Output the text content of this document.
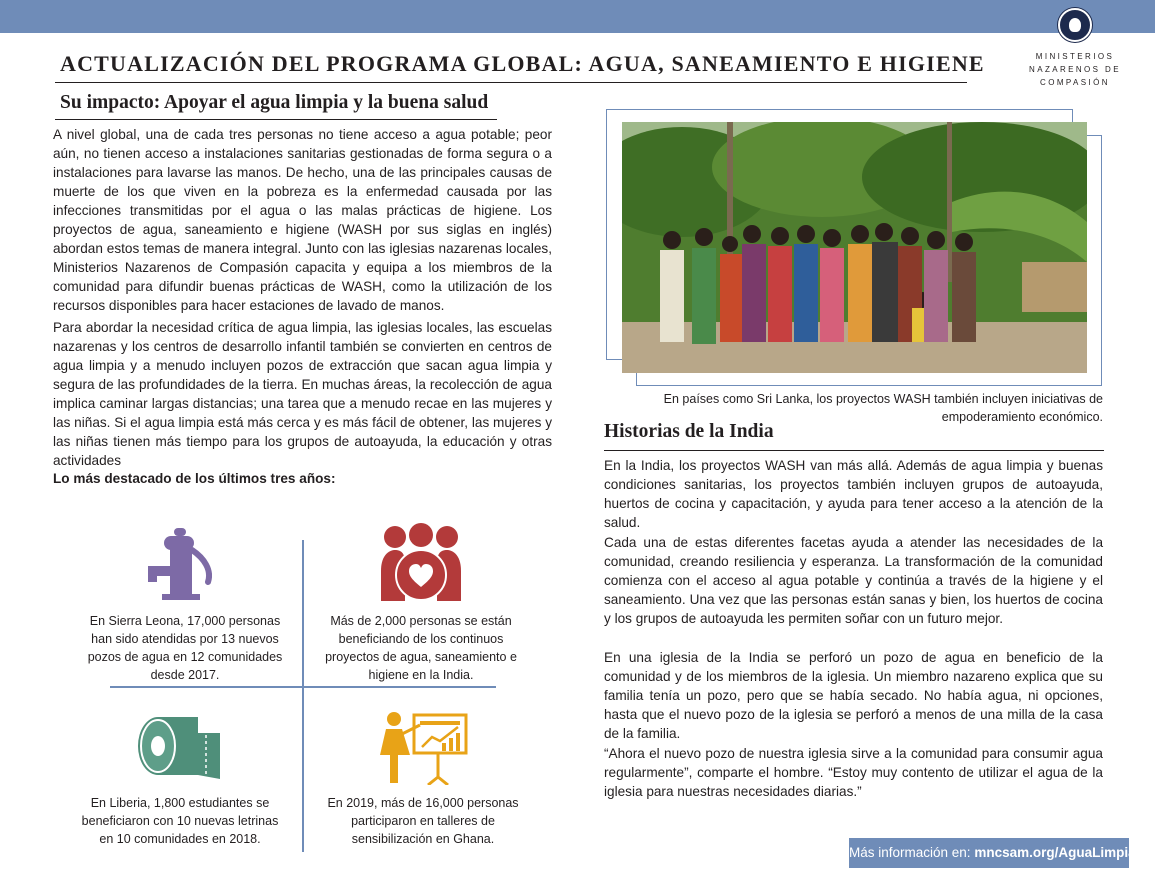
MINISTERIOS
NAZARENOS DE
COMPASIÓN
ACTUALIZACIÓN DEL PROGRAMA GLOBAL: AGUA, SANEAMIENTO E HIGIENE
Su impacto: Apoyar el agua limpia y la buena salud

A nivel global, una de cada tres personas no tiene acceso a agua potable; peor aún, no tienen acceso a instalaciones sanitarias gestionadas de forma segura o a instalaciones para lavarse las manos. De hecho, una de las principales causas de muerte de los que viven en la pobreza es la enfermedad causada por las infecciones transmitidas por el agua o las malas prácticas de higiene. Los proyectos de agua, saneamiento e higiene (WASH por sus siglas en inglés) abordan estos temas de manera integral. Junto con las iglesias nazarenas locales, Ministerios Nazarenos de Compasión capacita y equipa a los miembros de la comunidad para difundir buenas prácticas de WASH, como la utilización de los recursos disponibles para hacer estaciones de lavado de manos.

Para abordar la necesidad crítica de agua limpia, las iglesias locales, las escuelas nazarenas y los centros de desarrollo infantil también se convierten en centros de agua limpia y a menudo incluyen pozos de extracción que sacan agua limpia y segura de las profundidades de la tierra. En muchas áreas, la recolección de agua implica caminar largas distancias; una tarea que a menudo recae en las mujeres y las niñas. Si el agua limpia está más cerca y es más fácil de obtener, las mujeres y las niñas tienen más tiempo para los grupos de autoayuda, la educación y otras actividades

Lo más destacado de los últimos tres años:
En Sierra Leona, 17,000 personas han sido atendidas por 13 nuevos pozos de agua en 12 comunidades desde 2017.
Más de 2,000 personas se están beneficiando de los continuos proyectos de agua, saneamiento e higiene en la India.
En Liberia, 1,800 estudiantes se beneficiaron con 10 nuevas letrinas en 10 comunidades en 2018.
En 2019, más de 16,000 personas participaron en talleres de sensibilización en Ghana.
En países como Sri Lanka, los proyectos WASH también incluyen iniciativas de empoderamiento económico.
Historias de la India

En la India, los proyectos WASH van más allá. Además de agua limpia y buenas condiciones sanitarias, los proyectos también incluyen grupos de autoayuda, huertos de cocina y capacitación, y ayuda para tener acceso a la atención de la salud.

Cada una de estas diferentes facetas ayuda a atender las necesidades de la comunidad, creando resiliencia y esperanza. La transformación de la comunidad comienza con el acceso al agua potable y continúa a través de la higiene y el saneamiento. Una vez que las personas están sanas y bien, los huertos de cocina y los grupos de autoayuda les permiten soñar con un futuro mejor.

En una iglesia de la India se perforó un pozo de agua en beneficio de la comunidad y de los miembros de la iglesia. Un miembro nazareno explica que su familia tenía un pozo, pero que se había secado. No había agua, ni opciones, hasta que el nuevo pozo de la iglesia se perforó a menos de una milla de la casa de la familia.

“Ahora el nuevo pozo de nuestra iglesia sirve a la comunidad para consumir agua regularmente”, comparte el hombre. “Estoy muy contento de utilizar el agua de la iglesia para nuestras necesidades diarias.”

Más información en: mncsam.org/AguaLimpia
